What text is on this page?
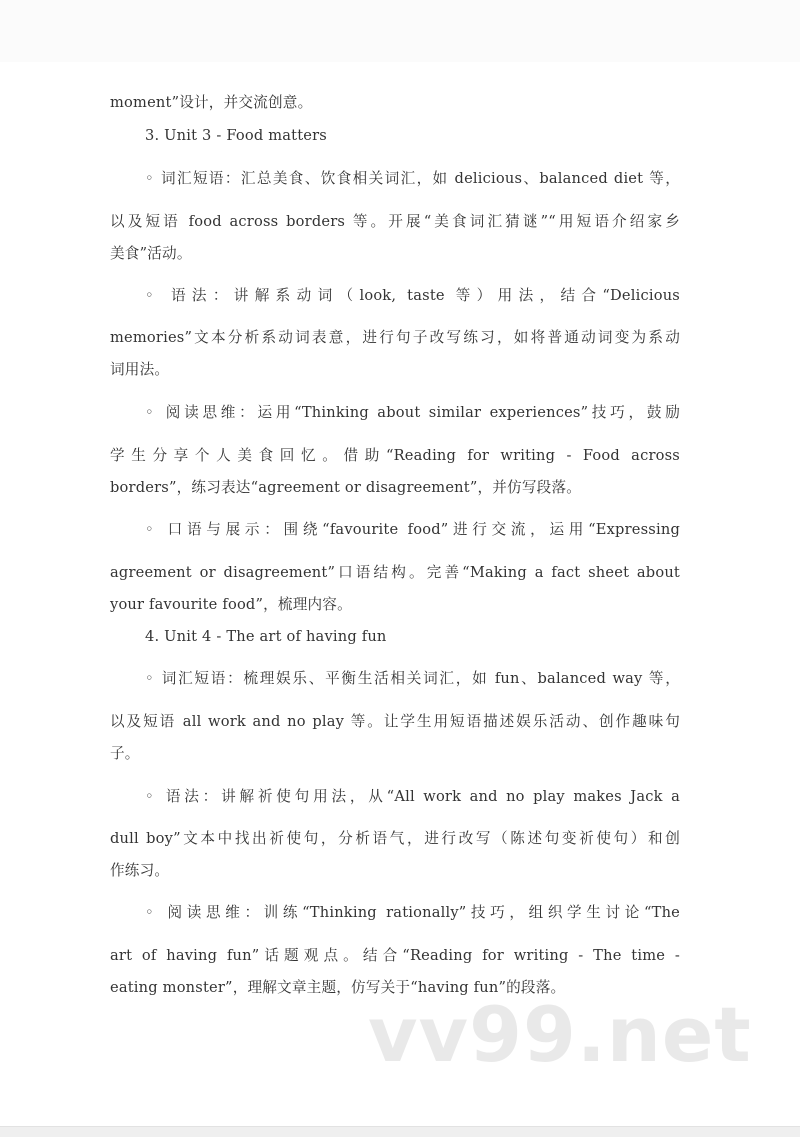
moment”设计，并交流创意。
3. Unit 3 - Food matters
◦ 词汇短语：汇总美食、饮食相关词汇，如 delicious、balanced diet 等，
以及短语 food across borders 等。开展“美食词汇猜谜”“用短语介绍家乡
美食”活动。
◦ 语法：讲解系动词（look, taste 等）用法，结合“Delicious
memories”文本分析系动词表意，进行句子改写练习，如将普通动词变为系动
词用法。
◦ 阅读思维：运用“Thinking about similar experiences”技巧，鼓励
学生分享个人美食回忆。借助“Reading for writing - Food across
borders”，练习表达“agreement or disagreement”，并仿写段落。
◦ 口语与展示：围绕“favourite food”进行交流，运用“Expressing
agreement or disagreement”口语结构。完善“Making a fact sheet about
your favourite food”，梳理内容。
4. Unit 4 - The art of having fun
◦ 词汇短语：梳理娱乐、平衡生活相关词汇，如 fun、balanced way 等，
以及短语 all work and no play 等。让学生用短语描述娱乐活动、创作趣味句
子。
◦ 语法：讲解祈使句用法，从“All work and no play makes Jack a
dull boy”文本中找出祈使句，分析语气，进行改写（陈述句变祈使句）和创
作练习。
◦ 阅读思维：训练“Thinking rationally”技巧，组织学生讨论“The
art of having fun”话题观点。结合“Reading for writing - The time -
eating monster”，理解文章主题，仿写关于“having fun”的段落。
vv99.net
